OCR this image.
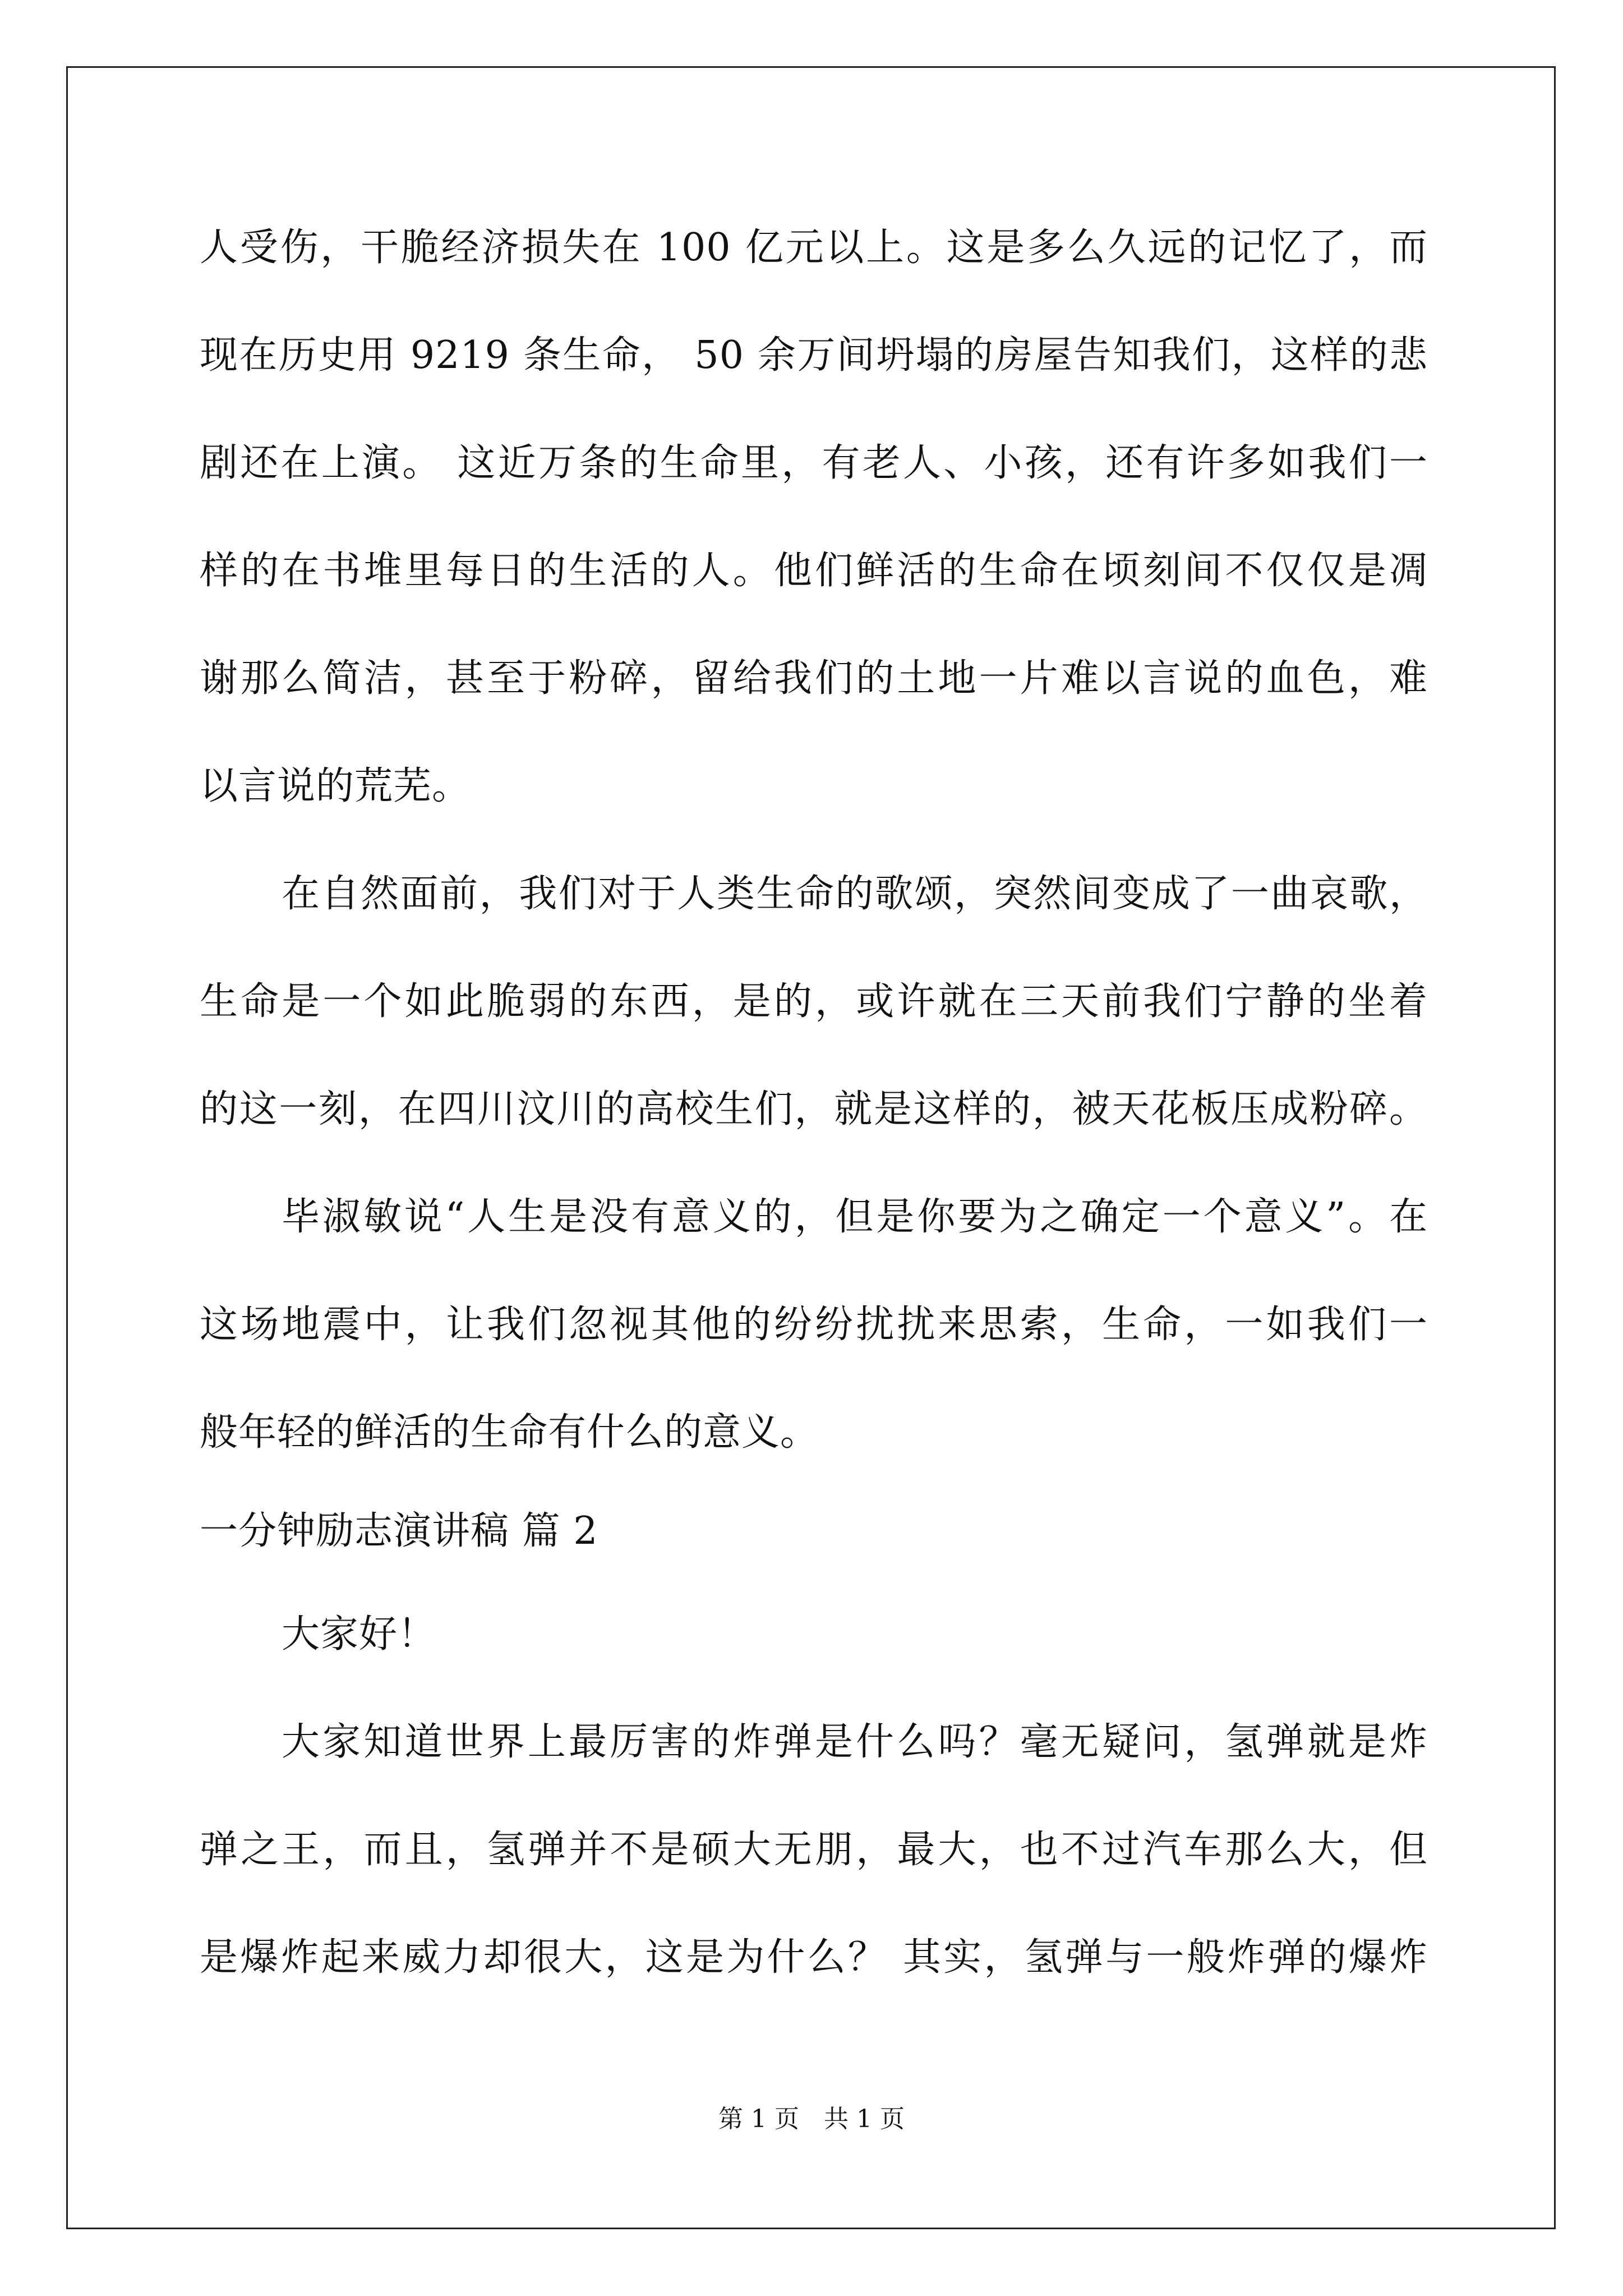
人受伤，干脆经济损失在 100 亿元以上。这是多么久远的记忆了，而
现在历史用 9219 条生命， 50 余万间坍塌的房屋告知我们，这样的悲
剧还在上演。 这近万条的生命里，有老人、小孩，还有许多如我们一
样的在书堆里每日的生活的人。他们鲜活的生命在顷刻间不仅仅是凋
谢那么简洁，甚至于粉碎，留给我们的土地一片难以言说的血色，难
以言说的荒芜。
在自然面前，我们对于人类生命的歌颂，突然间变成了一曲哀歌，
生命是一个如此脆弱的东西，是的，或许就在三天前我们宁静的坐着
的这一刻，在四川汶川的高校生们，就是这样的，被天花板压成粉碎。
毕淑敏说“人生是没有意义的，但是你要为之确定一个意义”。在
这场地震中，让我们忽视其他的纷纷扰扰来思索，生命，一如我们一
般年轻的鲜活的生命有什么的意义。
一分钟励志演讲稿 篇 2
大家好！
大家知道世界上最厉害的炸弹是什么吗？毫无疑问，氢弹就是炸
弹之王，而且，氢弹并不是硕大无朋，最大，也不过汽车那么大，但
是爆炸起来威力却很大，这是为什么？ 其实，氢弹与一般炸弹的爆炸
第 1 页　共 1 页
